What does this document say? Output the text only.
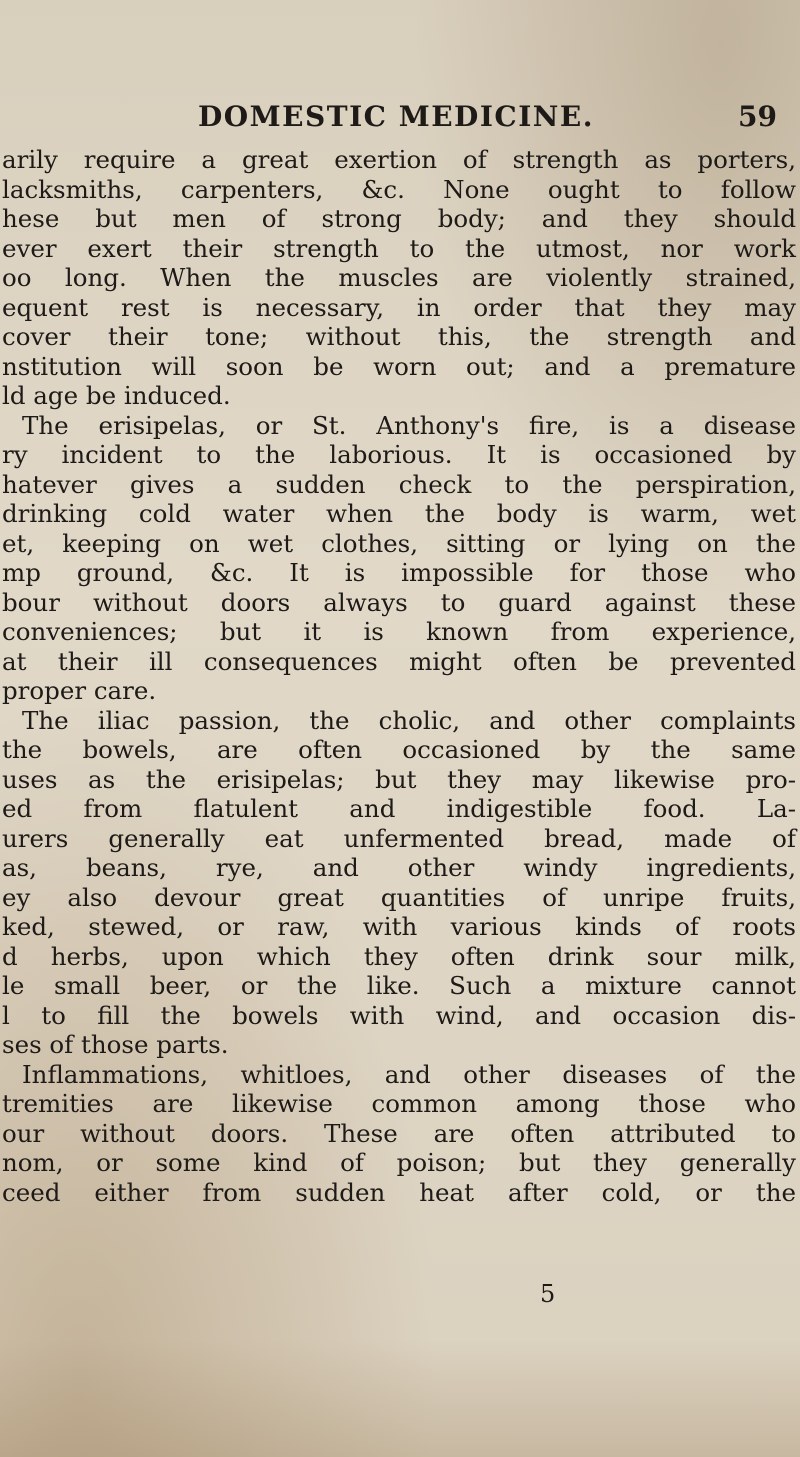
DOMESTIC MEDICINE.	59
arily require a great exertion of strength as porters,
lacksmiths, carpenters, &c. None ought to follow
hese but men of strong body; and they should
ever exert their strength to the utmost, nor work
oo long. When the muscles are violently strained,
equent rest is necessary, in order that they may
cover their tone; without this, the strength and
nstitution will soon be worn out; and a premature
ld age be induced.
The erisipelas, or St. Anthony's fire, is a disease
ry incident to the laborious. It is occasioned by
hatever gives a sudden check to the perspiration,
drinking cold water when the body is warm, wet
et, keeping on wet clothes, sitting or lying on the
mp ground, &c. It is impossible for those who
bour without doors always to guard against these
conveniences; but it is known from experience,
at their ill consequences might often be prevented
proper care.
The iliac passion, the cholic, and other complaints
the bowels, are often occasioned by the same
uses as the erisipelas; but they may likewise pro-
ed from flatulent and indigestible food. La-
urers generally eat unfermented bread, made of
as, beans, rye, and other windy ingredients,
ey also devour great quantities of unripe fruits,
ked, stewed, or raw, with various kinds of roots
d herbs, upon which they often drink sour milk,
le small beer, or the like. Such a mixture cannot
l to fill the bowels with wind, and occasion dis-
ses of those parts.
Inflammations, whitloes, and other diseases of the
tremities are likewise common among those who
our without doors. These are often attributed to
nom, or some kind of poison; but they generally
ceed either from sudden heat after cold, or the
5
